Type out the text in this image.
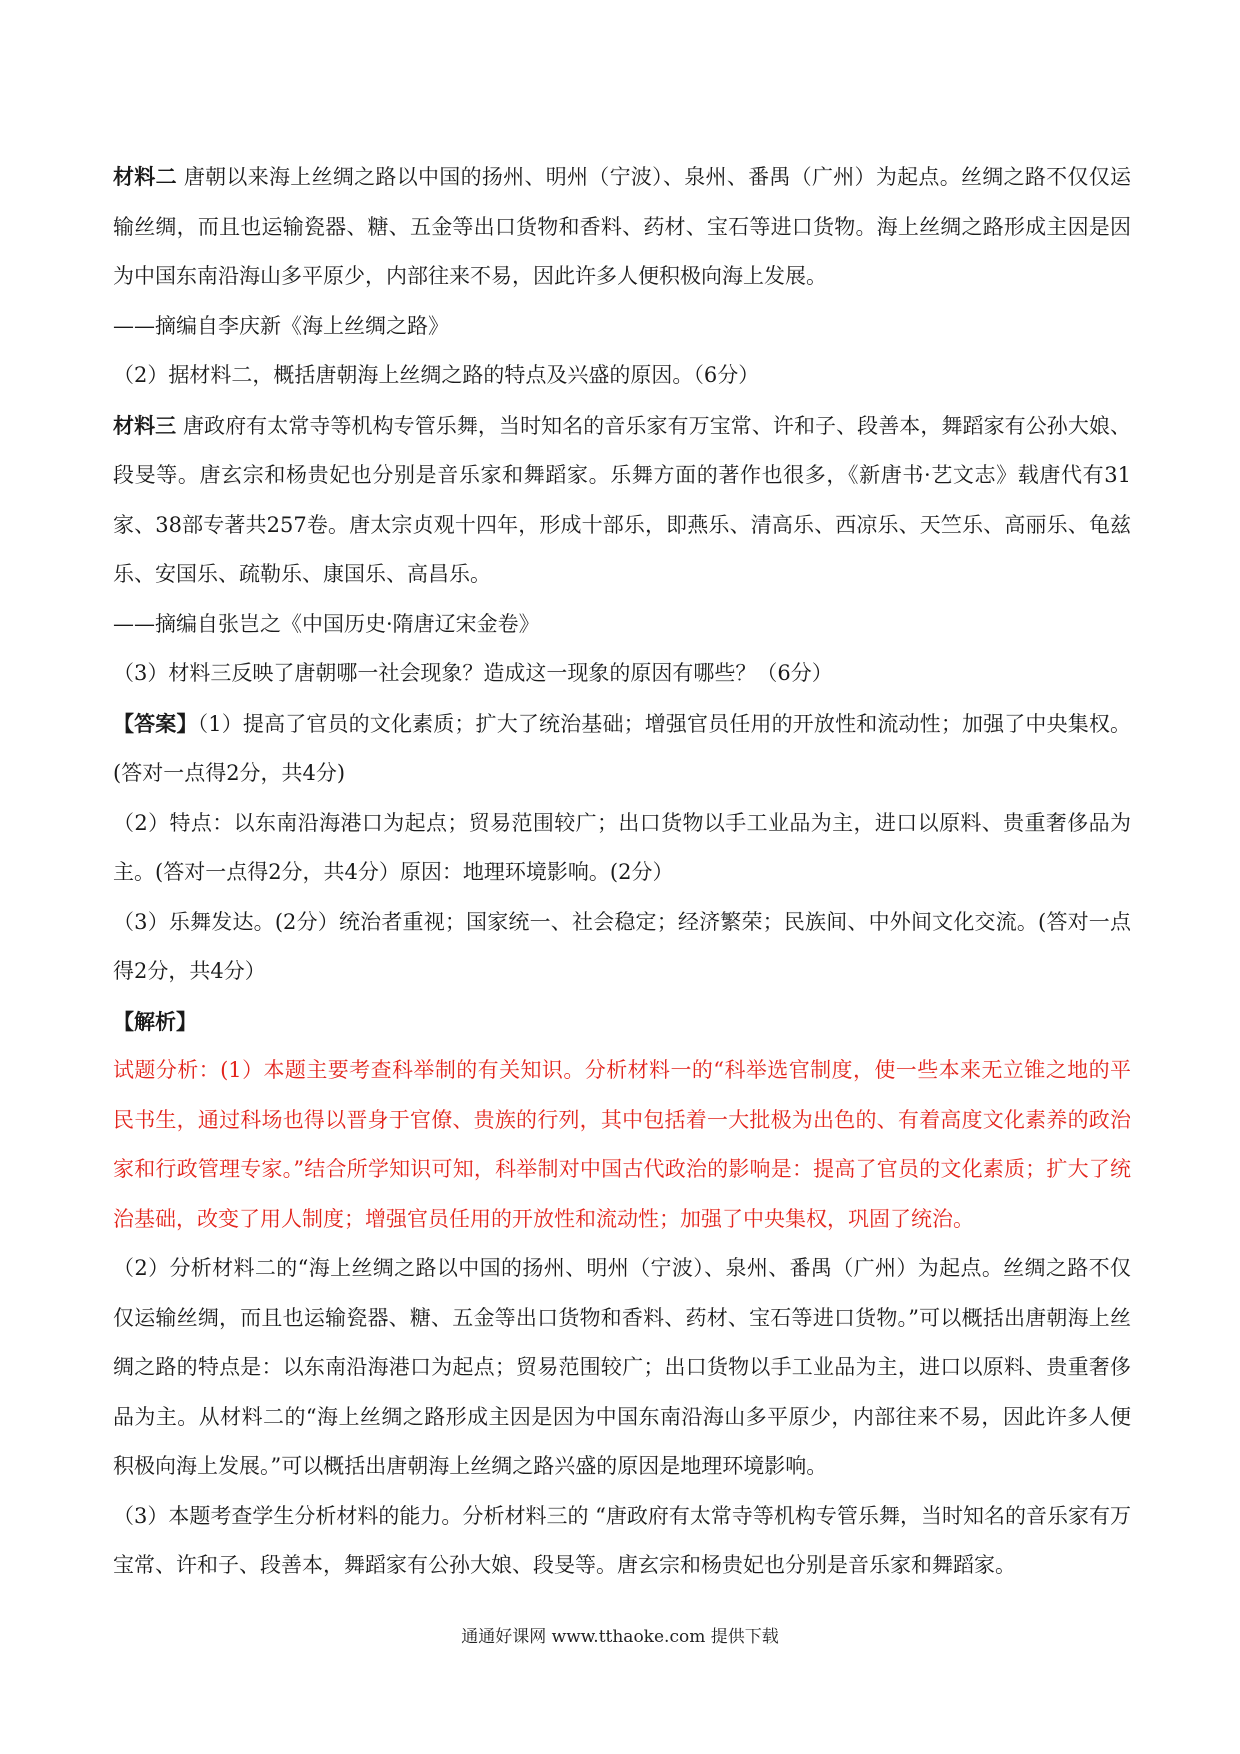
材料二 唐朝以来海上丝绸之路以中国的扬州、明州（宁波）、泉州、番禺（广州）为起点。丝绸之路不仅仅运输丝绸，而且也运输瓷器、糖、五金等出口货物和香料、药材、宝石等进口货物。海上丝绸之路形成主因是因为中国东南沿海山多平原少，内部往来不易，因此许多人便积极向海上发展。

——摘编自李庆新《海上丝绸之路》

（2）据材料二，概括唐朝海上丝绸之路的特点及兴盛的原因。（6分）

材料三 唐政府有太常寺等机构专管乐舞，当时知名的音乐家有万宝常、许和子、段善本，舞蹈家有公孙大娘、段旻等。唐玄宗和杨贵妃也分别是音乐家和舞蹈家。乐舞方面的著作也很多，《新唐书·艺文志》载唐代有31家、38部专著共257卷。唐太宗贞观十四年，形成十部乐，即燕乐、清高乐、西凉乐、天竺乐、高丽乐、龟兹乐、安国乐、疏勒乐、康国乐、高昌乐。

——摘编自张岂之《中国历史·隋唐辽宋金卷》

（3）材料三反映了唐朝哪一社会现象？造成这一现象的原因有哪些？（6分）

【答案】（1）提高了官员的文化素质；扩大了统治基础；增强官员任用的开放性和流动性；加强了中央集权。(答对一点得2分，共4分)

（2）特点：以东南沿海港口为起点；贸易范围较广；出口货物以手工业品为主，进口以原料、贵重奢侈品为主。(答对一点得2分，共4分）原因：地理环境影响。(2分）

（3）乐舞发达。(2分）统治者重视；国家统一、社会稳定；经济繁荣；民族间、中外间文化交流。(答对一点得2分，共4分）

【解析】

试题分析：(1）本题主要考查科举制的有关知识。分析材料一的“科举选官制度，使一些本来无立锥之地的平民书生，通过科场也得以晋身于官僚、贵族的行列，其中包括着一大批极为出色的、有着高度文化素养的政治家和行政管理专家。”结合所学知识可知，科举制对中国古代政治的影响是：提高了官员的文化素质；扩大了统治基础，改变了用人制度；增强官员任用的开放性和流动性；加强了中央集权，巩固了统治。

（2）分析材料二的“海上丝绸之路以中国的扬州、明州（宁波）、泉州、番禺（广州）为起点。丝绸之路不仅仅运输丝绸，而且也运输瓷器、糖、五金等出口货物和香料、药材、宝石等进口货物。”可以概括出唐朝海上丝绸之路的特点是：以东南沿海港口为起点；贸易范围较广；出口货物以手工业品为主，进口以原料、贵重奢侈品为主。从材料二的“海上丝绸之路形成主因是因为中国东南沿海山多平原少，内部往来不易，因此许多人便积极向海上发展。”可以概括出唐朝海上丝绸之路兴盛的原因是地理环境影响。

（3）本题考查学生分析材料的能力。分析材料三的 “唐政府有太常寺等机构专管乐舞，当时知名的音乐家有万宝常、许和子、段善本，舞蹈家有公孙大娘、段旻等。唐玄宗和杨贵妃也分别是音乐家和舞蹈家。

通通好课网 www.tthaoke.com 提供下载
